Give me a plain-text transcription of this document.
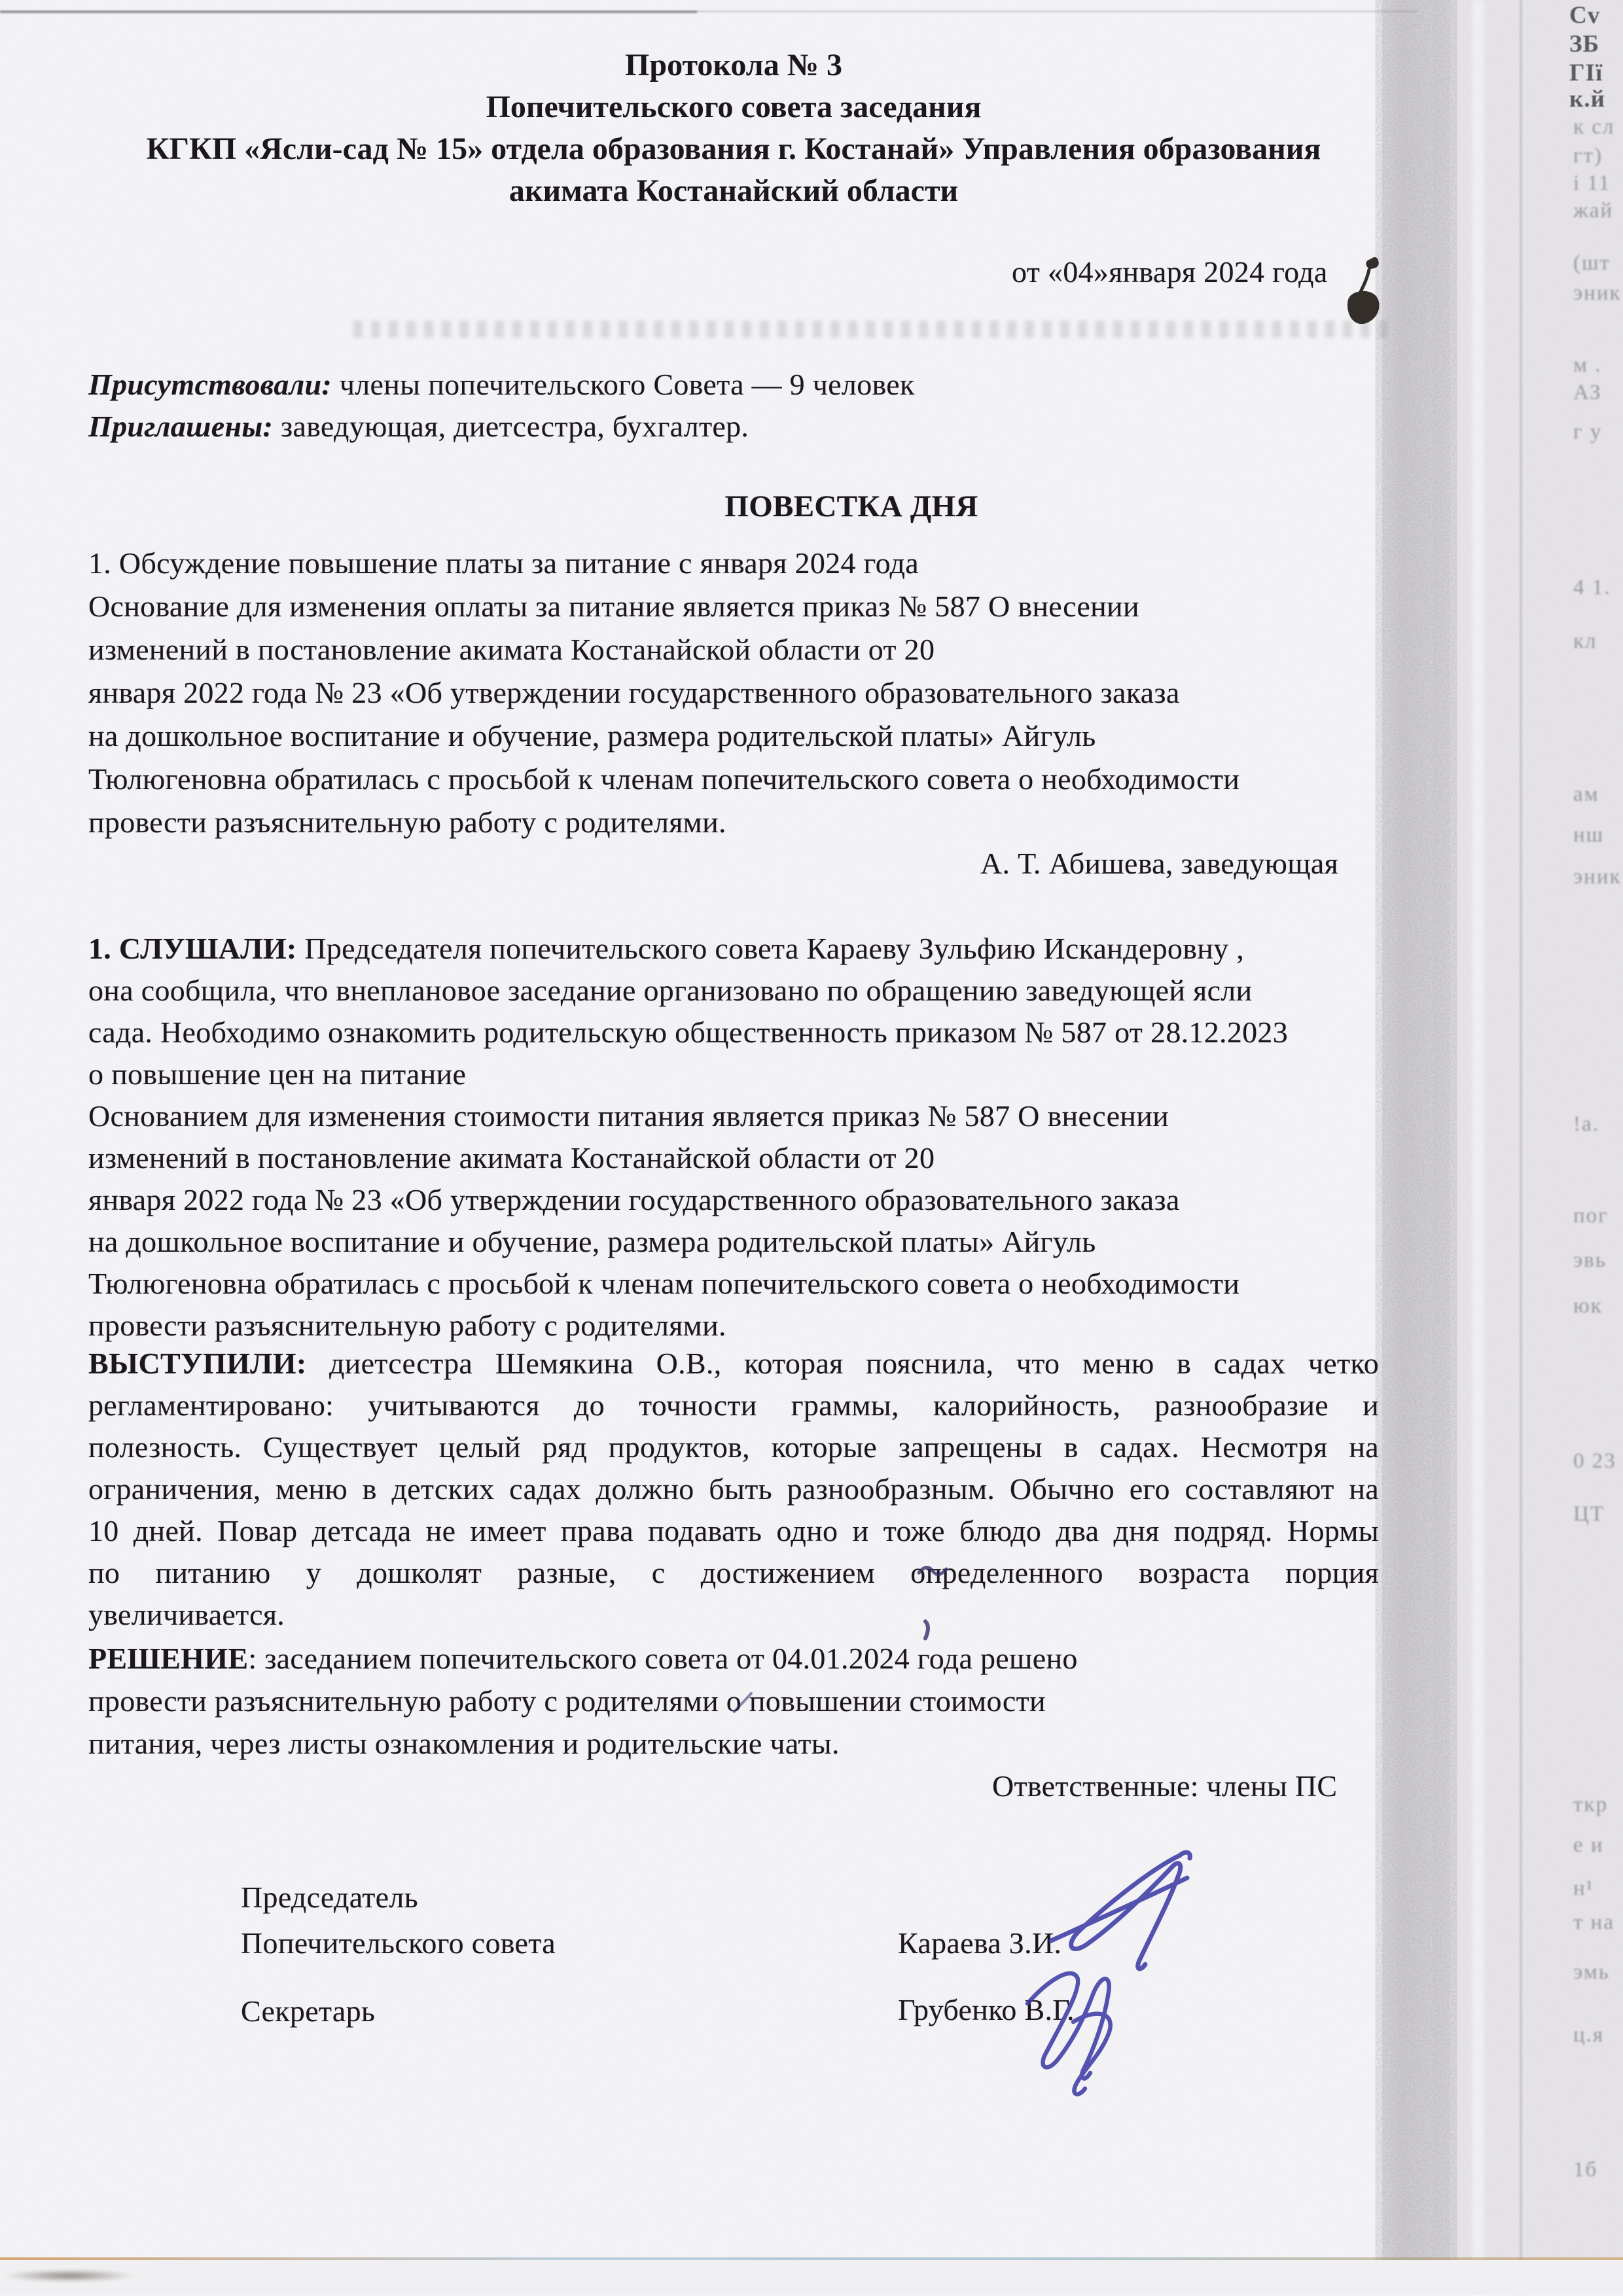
Сv
ЗБ
ГІї
к.й
к сл
гт)
і 11
жай
(шт
эник
м .
АЗ
г у
4 1.
кл
ам
нш
эник
!а.
пог
эвь
юк
0 23
ЦТ
ткр
е и
н¹
т на
эмь
ц.я
1б
Протокола № 3
Попечительского совета заседания
КГКП «Ясли-сад № 15» отдела образования г. Костанай» Управления образования
акимата Костанайский области
от «04»января 2024 года
Присутствовали: члены попечительского Совета — 9 человек
Приглашены: заведующая, диетсестра, бухгалтер.
ПОВЕСТКА ДНЯ
1. Обсуждение повышение платы за питание с января 2024 года
Основание для изменения оплаты за питание является приказ № 587 О внесении
изменений в постановление акимата Костанайской области от 20
января 2022 года № 23 «Об утверждении государственного образовательного заказа
на дошкольное воспитание и обучение, размера родительской платы» Айгуль
Тюлюгеновна обратилась с просьбой к членам попечительского совета о необходимости
провести разъяснительную работу с родителями.
А. Т. Абишева, заведующая
1. СЛУШАЛИ: Председателя попечительского совета Караеву Зульфию Искандеровну ,
она сообщила, что внеплановое заседание организовано по обращению заведующей ясли
сада. Необходимо ознакомить родительскую общественность приказом № 587 от 28.12.2023
о повышение цен на питание
Основанием для изменения стоимости питания является приказ № 587 О внесении
изменений в постановление акимата Костанайской области от 20
января 2022 года № 23 «Об утверждении государственного образовательного заказа
на дошкольное воспитание и обучение, размера родительской платы» Айгуль
Тюлюгеновна обратилась с просьбой к членам попечительского совета о необходимости
провести разъяснительную работу с родителями.
ВЫСТУПИЛИ: диетсестра Шемякина О.В., которая пояснила, что меню в садах четко
регламентировано: учитываются до точности граммы, калорийность, разнообразие и
полезность. Существует целый ряд продуктов, которые запрещены в садах. Несмотря на
ограничения, меню в детских садах должно быть разнообразным. Обычно его составляют на
10 дней. Повар детсада не имеет права подавать одно и тоже блюдо два дня подряд. Нормы
по питанию у дошколят разные, с достижением определенного возраста порция
увеличивается.
РЕШЕНИЕ: заседанием попечительского совета от 04.01.2024 года решено
провести разъяснительную работу с родителями о повышении стоимости
питания, через листы ознакомления и родительские чаты.
Ответственные: члены ПС
Председатель
Попечительского совета	Караева З.И.
Секретарь	Грубенко В.Г.
